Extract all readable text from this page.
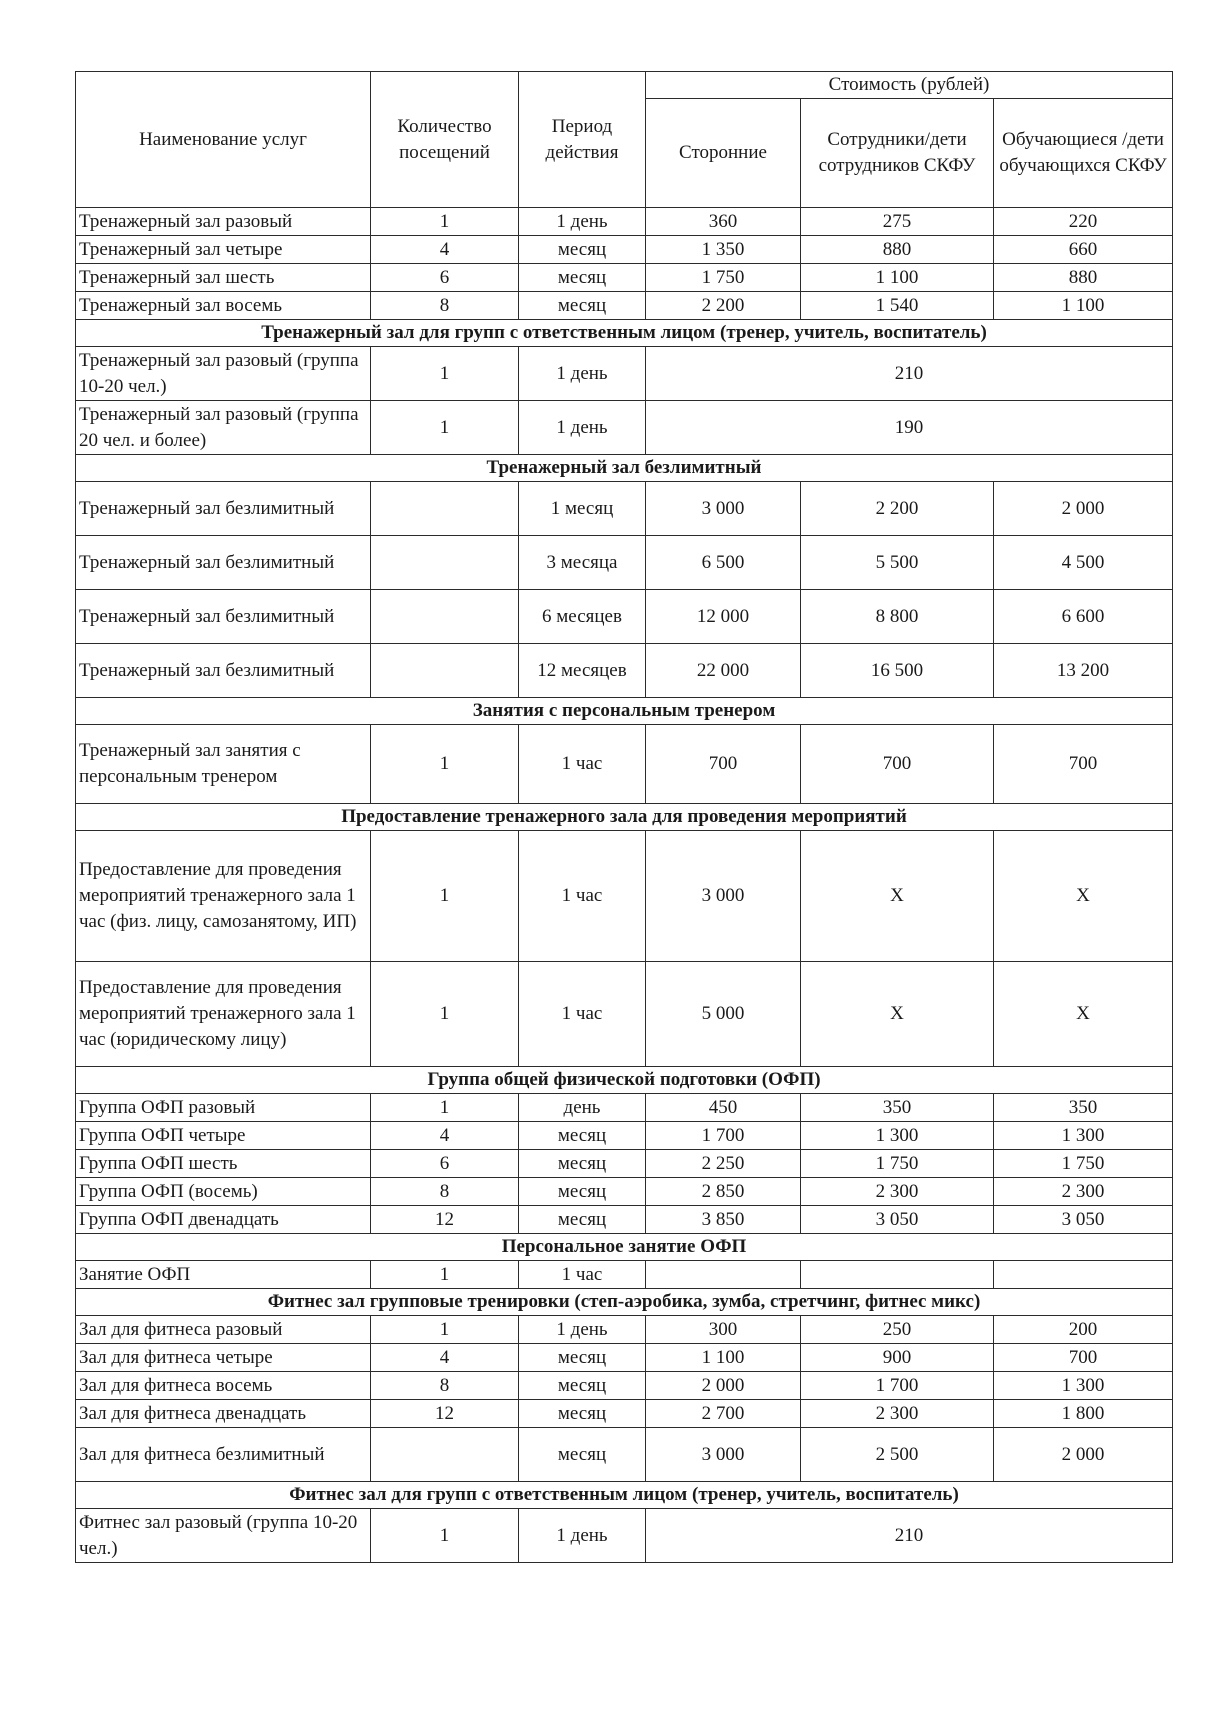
Наименование услуг	Количество посещений	Период действия	Стоимость (рублей)		
			Сторонние	Сотрудники/дети сотрудников СКФУ	Обучающиеся /дети обучающихся СКФУ
Тренажерный зал разовый	1	1 день	360	275	220
Тренажерный зал четыре	4	месяц	1 350	880	660
Тренажерный зал шесть	6	месяц	1 750	1 100	880
Тренажерный зал восемь	8	месяц	2 200	1 540	1 100
Тренажерный зал для групп с ответственным лицом (тренер, учитель, воспитатель)					
Тренажерный зал разовый (группа 10-20 чел.)	1	1 день	210		
Тренажерный зал разовый (группа 20 чел. и более)	1	1 день	190		
Тренажерный зал безлимитный					
Тренажерный зал безлимитный		1 месяц	3 000	2 200	2 000
Тренажерный зал безлимитный		3 месяца	6 500	5 500	4 500
Тренажерный зал безлимитный		6 месяцев	12 000	8 800	6 600
Тренажерный зал безлимитный		12 месяцев	22 000	16 500	13 200
Занятия с персональным тренером					
Тренажерный зал занятия с персональным тренером	1	1 час	700	700	700
Предоставление тренажерного зала для проведения мероприятий					
Предоставление для проведения мероприятий тренажерного зала 1 час (физ. лицу, самозанятому, ИП)	1	1 час	3 000	Х	Х
Предоставление для проведения мероприятий тренажерного зала 1 час (юридическому лицу)	1	1 час	5 000	Х	Х
Группа общей физической подготовки (ОФП)					
Группа ОФП разовый	1	день	450	350	350
Группа ОФП четыре	4	месяц	1 700	1 300	1 300
Группа ОФП шесть	6	месяц	2 250	1 750	1 750
Группа ОФП (восемь)	8	месяц	2 850	2 300	2 300
Группа ОФП двенадцать	12	месяц	3 850	3 050	3 050
Персональное занятие ОФП					
Занятие ОФП	1	1 час			
Фитнес зал групповые тренировки (степ-аэробика, зумба, стретчинг, фитнес микс)					
Зал для фитнеса разовый	1	1 день	300	250	200
Зал для фитнеса четыре	4	месяц	1 100	900	700
Зал для фитнеса восемь	8	месяц	2 000	1 700	1 300
Зал для фитнеса двенадцать	12	месяц	2 700	2 300	1 800
Зал для фитнеса безлимитный		месяц	3 000	2 500	2 000
Фитнес зал для групп с ответственным лицом (тренер, учитель, воспитатель)					
Фитнес зал разовый (группа 10-20 чел.)	1	1 день	210		
